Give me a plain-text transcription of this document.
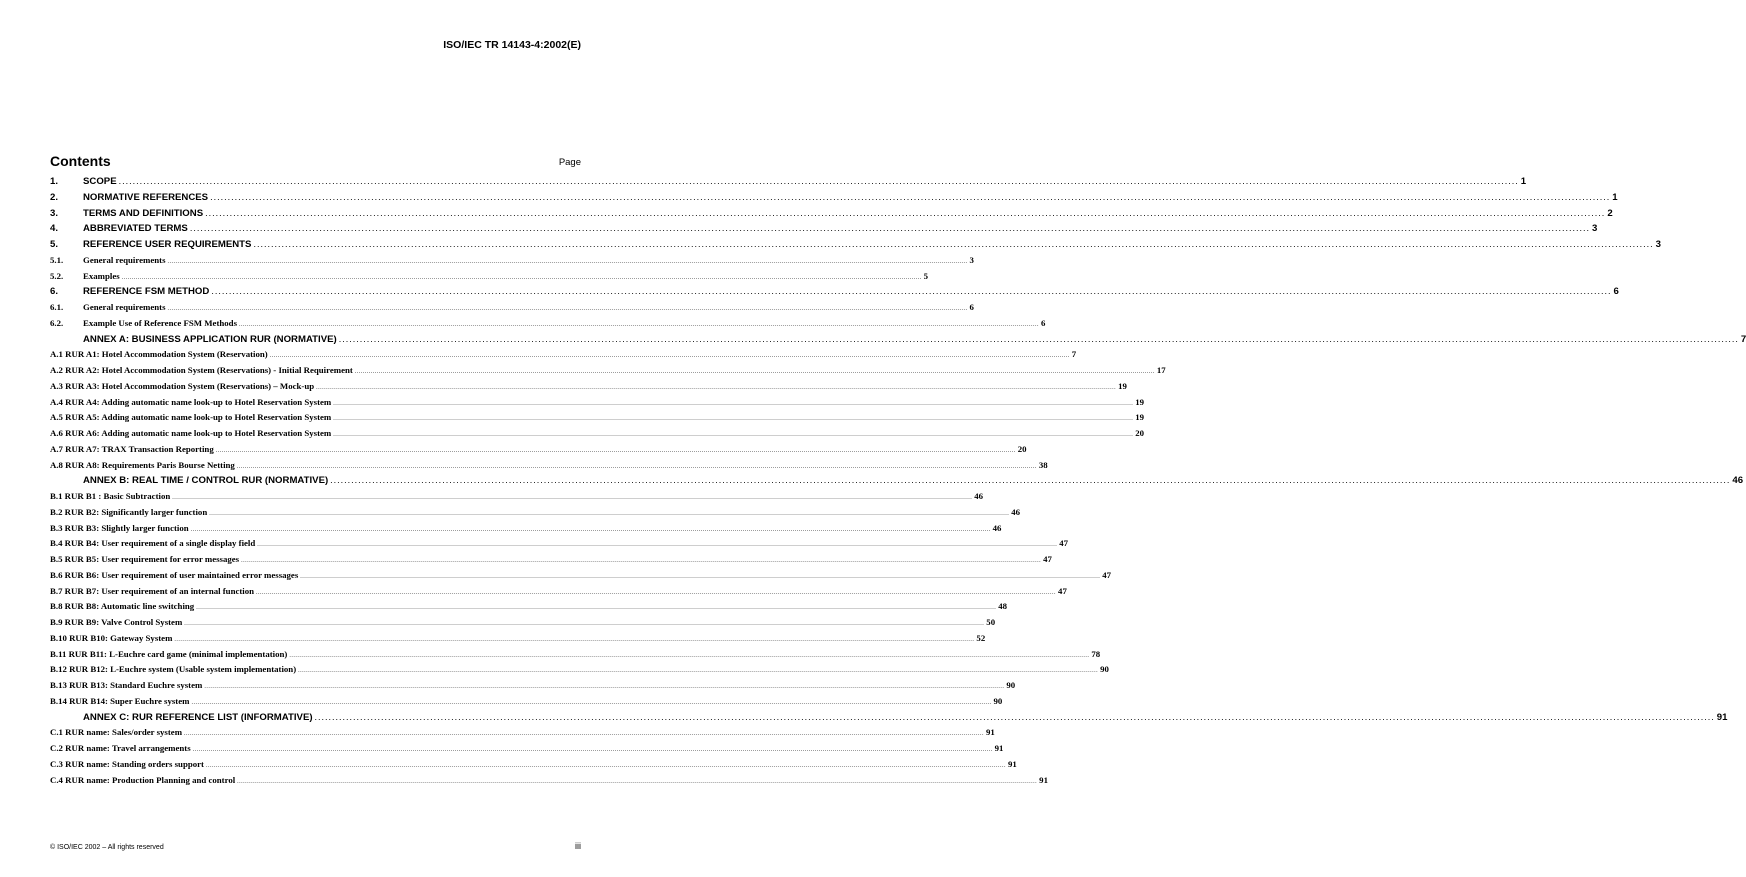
ISO/IEC TR 14143-4:2002(E)
Contents	Page
1.	SCOPE ................................................................................................................................................................................................................................................................................................................................................................................................................ 1
2.	NORMATIVE REFERENCES ................................................................................................................................................................................................................................................................................................................................................................................................................ 1
3.	TERMS AND DEFINITIONS ................................................................................................................................................................................................................................................................................................................................................................................................................ 2
4.	ABBREVIATED TERMS ................................................................................................................................................................................................................................................................................................................................................................................................................ 3
5.	REFERENCE USER REQUIREMENTS ................................................................................................................................................................................................................................................................................................................................................................................................................ 3
5.1.	General requirements ................................................................................................................................................................................................................................................................................................................................................................................................................ 3
5.2.	Examples ................................................................................................................................................................................................................................................................................................................................................................................................................ 5
6.	REFERENCE FSM METHOD ................................................................................................................................................................................................................................................................................................................................................................................................................ 6
6.1.	General requirements ................................................................................................................................................................................................................................................................................................................................................................................................................ 6
6.2.	Example Use of Reference FSM Methods ................................................................................................................................................................................................................................................................................................................................................................................................................ 6
ANNEX A: BUSINESS APPLICATION RUR (NORMATIVE) ................................................................................................................................................................................................................................................................................................................................................................................................................ 7
A.1 RUR A1: Hotel Accommodation System (Reservation) ................................................................................................................................................................................................................................................................................................................................................................................................................ 7
A.2 RUR A2: Hotel Accommodation System (Reservations) - Initial Requirement ................................................................................................................................................................................................................................................................................................................................................................................................................ 17
A.3 RUR A3: Hotel Accommodation System (Reservations) – Mock-up ................................................................................................................................................................................................................................................................................................................................................................................................................ 19
A.4 RUR A4: Adding automatic name look-up to Hotel Reservation System ................................................................................................................................................................................................................................................................................................................................................................................................................ 19
A.5 RUR A5: Adding automatic name look-up to Hotel Reservation System ................................................................................................................................................................................................................................................................................................................................................................................................................ 19
A.6 RUR A6: Adding automatic name look-up to Hotel Reservation System ................................................................................................................................................................................................................................................................................................................................................................................................................ 20
A.7 RUR A7: TRAX Transaction Reporting ................................................................................................................................................................................................................................................................................................................................................................................................................ 20
A.8 RUR A8: Requirements Paris Bourse Netting ................................................................................................................................................................................................................................................................................................................................................................................................................ 38
ANNEX B: REAL TIME / CONTROL RUR (NORMATIVE) ................................................................................................................................................................................................................................................................................................................................................................................................................ 46
B.1 RUR B1 : Basic Subtraction ................................................................................................................................................................................................................................................................................................................................................................................................................ 46
B.2 RUR B2: Significantly larger function ................................................................................................................................................................................................................................................................................................................................................................................................................ 46
B.3 RUR B3: Slightly larger function ................................................................................................................................................................................................................................................................................................................................................................................................................ 46
B.4 RUR B4: User requirement of a single display field ................................................................................................................................................................................................................................................................................................................................................................................................................ 47
B.5 RUR B5: User requirement for error messages ................................................................................................................................................................................................................................................................................................................................................................................................................ 47
B.6 RUR B6: User requirement of user maintained error messages ................................................................................................................................................................................................................................................................................................................................................................................................................ 47
B.7 RUR B7: User requirement of an internal function ................................................................................................................................................................................................................................................................................................................................................................................................................ 47
B.8 RUR B8: Automatic line switching ................................................................................................................................................................................................................................................................................................................................................................................................................ 48
B.9 RUR B9: Valve Control System ................................................................................................................................................................................................................................................................................................................................................................................................................ 50
B.10 RUR B10: Gateway System ................................................................................................................................................................................................................................................................................................................................................................................................................ 52
B.11 RUR B11: L-Euchre card game (minimal implementation) ................................................................................................................................................................................................................................................................................................................................................................................................................ 78
B.12 RUR B12: L-Euchre system (Usable system implementation) ................................................................................................................................................................................................................................................................................................................................................................................................................ 90
B.13 RUR B13: Standard Euchre system ................................................................................................................................................................................................................................................................................................................................................................................................................ 90
B.14 RUR B14: Super Euchre system ................................................................................................................................................................................................................................................................................................................................................................................................................ 90
ANNEX C: RUR REFERENCE LIST (INFORMATIVE) ................................................................................................................................................................................................................................................................................................................................................................................................................ 91
C.1 RUR name: Sales/order system ................................................................................................................................................................................................................................................................................................................................................................................................................ 91
C.2 RUR name: Travel arrangements ................................................................................................................................................................................................................................................................................................................................................................................................................ 91
C.3 RUR name: Standing orders support ................................................................................................................................................................................................................................................................................................................................................................................................................ 91
C.4 RUR name: Production Planning and control ................................................................................................................................................................................................................................................................................................................................................................................................................ 91
© ISO/IEC 2002 – All rights reserved	iii
